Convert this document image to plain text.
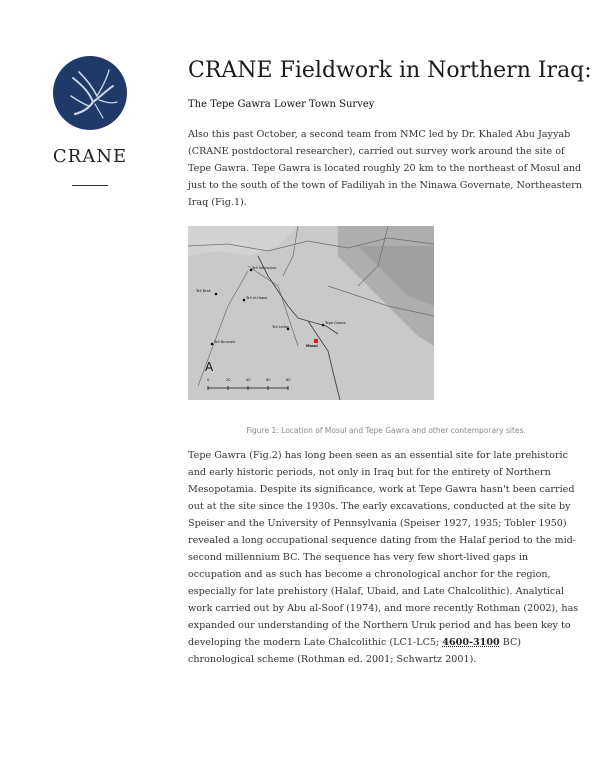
CRANE
CRANE Fieldwork in Northern Iraq:

The Tepe Gawra Lower Town Survey

Also this past October, a second team from NMC led by Dr. Khaled Abu Jayyab (CRANE postdoctoral researcher), carried out survey work around the site of Tepe Gawra. Tepe Gawra is located roughly 20 km to the northeast of Mosul and just to the south of the town of Fadiliyah in the Ninawa Governate, Northeastern Iraq (Fig.1).

Tell Hamoukar
Tell Brak
Tell el-Hawa
Tepe Gawra
Tell Leilan
Mosul
Tell Nineveh
A
0	20	40	60	80
Figure 1: Location of Mosul and Tepe Gawra and other contemporary sites.

Tepe Gawra (Fig.2) has long been seen as an essential site for late prehistoric and early historic periods, not only in Iraq but for the entirety of Northern Mesopotamia. Despite its significance, work at Tepe Gawra hasn't been carried out at the site since the 1930s. The early excavations, conducted at the site by Speiser and the University of Pennsylvania (Speiser 1927, 1935; Tobler 1950) revealed a long occupational sequence dating from the Halaf period to the mid-second millennium BC. The sequence has very few short-lived gaps in occupation and as such has become a chronological anchor for the region, especially for late prehistory (Halaf, Ubaid, and Late Chalcolithic). Analytical work carried out by Abu al-Soof (1974), and more recently Rothman (2002), has expanded our understanding of the Northern Uruk period and has been key to developing the modern Late Chalcolithic (LC1-LC5; 4600-3100 BC) chronological scheme (Rothman ed. 2001; Schwartz 2001).
